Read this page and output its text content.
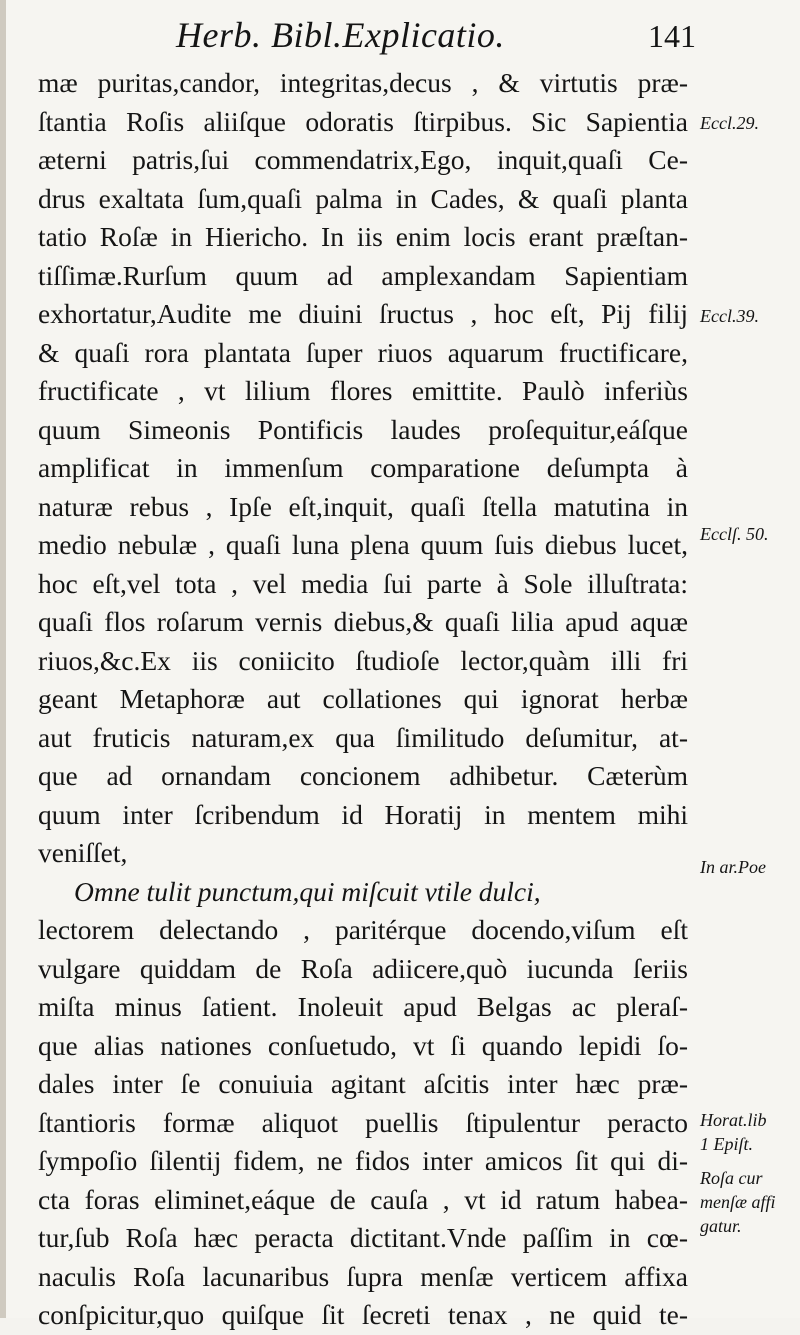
Herb. Bibl.Explicatio.	141
mæ puritas,candor, integritas,decus , & virtutis præ-
ſtantia Roſis aliiſque odoratis ſtirpibus. Sic Sapientia
æterni patris,ſui commendatrix,Ego, inquit,quaſi Ce-
drus exaltata ſum,quaſi palma in Cades, & quaſi planta
tatio Roſæ in Hiericho. In iis enim locis erant præſtan-
tiſſimæ.Rurſum quum ad amplexandam Sapientiam
exhortatur,Audite me diuini ſructus , hoc eſt, Pij filij
& quaſi rora plantata ſuper riuos aquarum fructificare,
fructificate , vt lilium flores emittite. Paulò inferiùs
quum Simeonis Pontificis laudes proſequitur,eáſque
amplificat in immenſum comparatione deſumpta à
naturæ rebus , Ipſe eſt,inquit, quaſi ſtella matutina in
medio nebulæ , quaſi luna plena quum ſuis diebus lucet,
hoc eſt,vel tota , vel media ſui parte à Sole illuſtrata:
quaſi flos roſarum vernis diebus,& quaſi lilia apud aquæ
riuos,&c.Ex iis coniicito ſtudioſe lector,quàm illi fri
geant Metaphoræ aut collationes qui ignorat herbæ
aut fruticis naturam,ex qua ſimilitudo deſumitur, at-
que ad ornandam concionem adhibetur. Cæterùm
quum inter ſcribendum id Horatij in mentem mihi
veniſſet,
Omne tulit punctum,qui miſcuit vtile dulci,
lectorem delectando , paritérque docendo,viſum eſt
vulgare quiddam de Roſa adiicere,quò iucunda ſeriis
miſta minus ſatient. Inoleuit apud Belgas ac pleraſ-
que alias nationes conſuetudo, vt ſi quando lepidi ſo-
dales inter ſe conuiuia agitant aſcitis inter hæc præ-
ſtantioris formæ aliquot puellis ſtipulentur peracto
ſympoſio ſilentij fidem, ne fidos inter amicos ſit qui di-
cta foras eliminet,eáque de cauſa , vt id ratum habea-
tur,ſub Roſa hæc peracta dictitant.Vnde paſſim in cœ-
naculis Roſa lacunaribus ſupra menſæ verticem affixa
conſpicitur,quo quiſque ſit ſecreti tenax , ne quid te-
Eccl.29.
Eccl.39.
Ecclſ. 50.
In ar.Poe
Horat.lib
1 Epiſt.
Roſa cur
menſæ affi
gatur.
